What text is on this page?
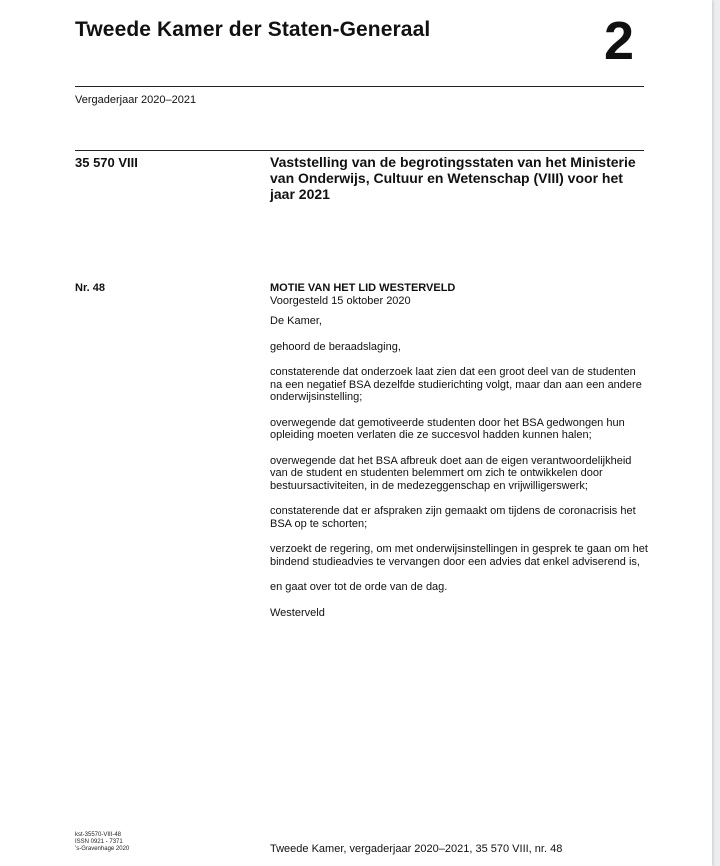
Tweede Kamer der Staten-Generaal	2
Vergaderjaar 2020–2021
35 570 VIII	Vaststelling van de begrotingsstaten van het Ministerie van Onderwijs, Cultuur en Wetenschap (VIII) voor het jaar 2021
Nr. 48	MOTIE VAN HET LID WESTERVELD
Voorgesteld 15 oktober 2020

De Kamer,

gehoord de beraadslaging,

constaterende dat onderzoek laat zien dat een groot deel van de studenten na een negatief BSA dezelfde studierichting volgt, maar dan aan een andere onderwijsinstelling;

overwegende dat gemotiveerde studenten door het BSA gedwongen hun opleiding moeten verlaten die ze succesvol hadden kunnen halen;

overwegende dat het BSA afbreuk doet aan de eigen verantwoordelijkheid van de student en studenten belemmert om zich te ontwikkelen door bestuursactiviteiten, in de medezeggenschap en vrijwilligerswerk;

constaterende dat er afspraken zijn gemaakt om tijdens de coronacrisis het BSA op te schorten;

verzoekt de regering, om met onderwijsinstellingen in gesprek te gaan om het bindend studieadvies te vervangen door een advies dat enkel adviserend is,

en gaat over tot de orde van de dag.

Westerveld

kst-35570-VIII-48
ISSN 0921 - 7371
’s-Gravenhage 2020	Tweede Kamer, vergaderjaar 2020–2021, 35 570 VIII, nr. 48
